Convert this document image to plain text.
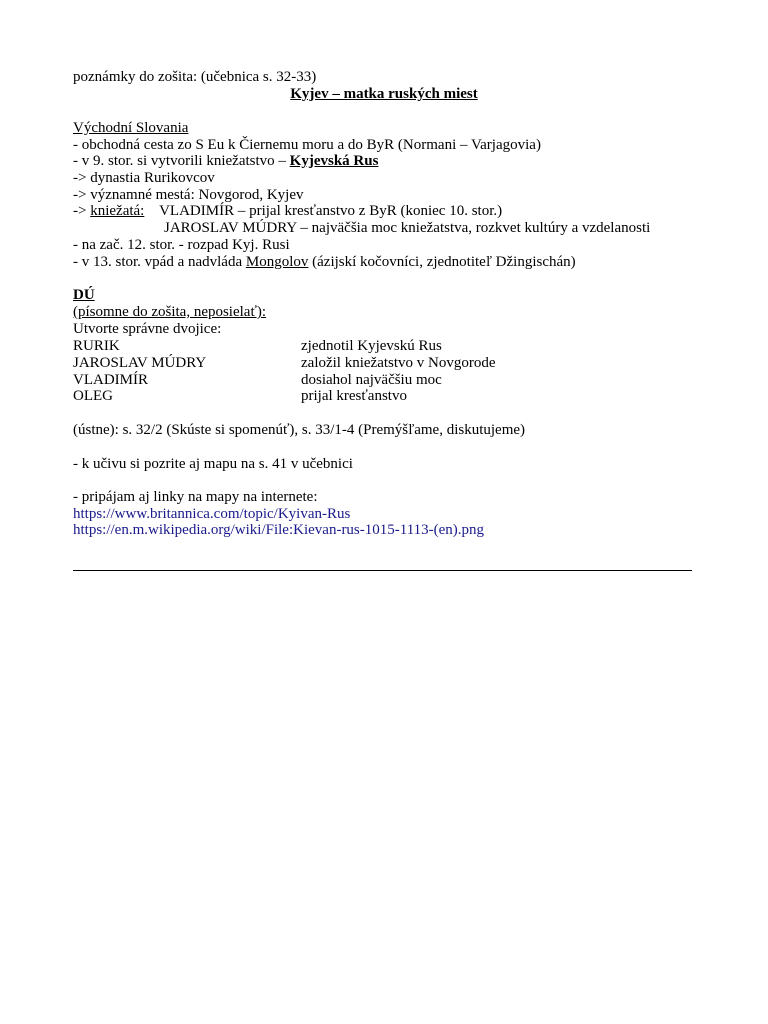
poznámky do zošita: (učebnica s. 32-33)
Kyjev – matka ruských miest
Východní Slovania
- obchodná cesta zo S Eu k Čiernemu moru a do ByR (Normani – Varjagovia)
- v 9. stor. si vytvorili kniežatstvo – Kyjevská Rus
-> dynastia Rurikovcov
-> významné mestá: Novgorod, Kyjev
-> kniežatá:    VLADIMÍR – prijal kresťanstvo z ByR (koniec 10. stor.)
JAROSLAV MÚDRY – najväčšia moc kniežatstva, rozkvet kultúry a vzdelanosti
- na zač. 12. stor. - rozpad Kyj. Rusi
- v 13. stor. vpád a nadvláda Mongolov (ázijskí kočovníci, zjednotiteľ Džingischán)
DÚ
(písomne do zošita, neposielať):
Utvorte správne dvojice:
RURIK	zjednotil Kyjevskú Rus
JAROSLAV MÚDRY	založil kniežatstvo v Novgorode
VLADIMÍR	dosiahol najväčšiu moc
OLEG	prijal kresťanstvo
(ústne): s. 32/2 (Skúste si spomenúť), s. 33/1-4 (Premýšľame, diskutujeme)
- k učivu si pozrite aj mapu na s. 41 v učebnici
- pripájam aj linky na mapy na internete:
https://www.britannica.com/topic/Kyivan-Rus
https://en.m.wikipedia.org/wiki/File:Kievan-rus-1015-1113-(en).png
